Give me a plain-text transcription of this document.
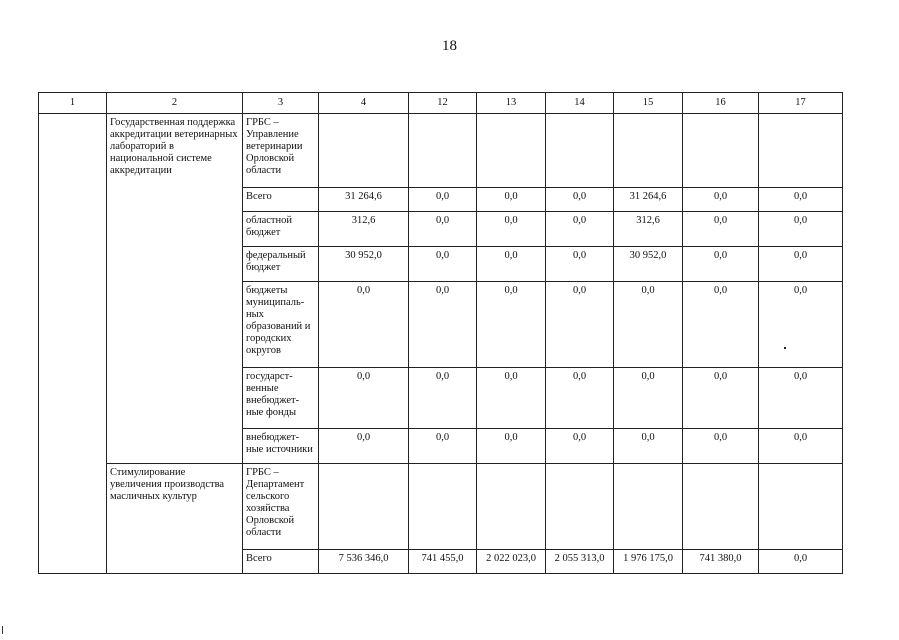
18
1	2	3	4	12	13	14	15	16	17
	Государственная поддержка аккредитации ветеринарных лабораторий в национальной системе аккредитации	ГРБС – Управление ветеринарии Орловской области							
		Всего	31 264,6	0,0	0,0	0,0	31 264,6	0,0	0,0
		областной бюджет	312,6	0,0	0,0	0,0	312,6	0,0	0,0
		федеральный бюджет	30 952,0	0,0	0,0	0,0	30 952,0	0,0	0,0
		бюджеты муниципаль-ных образований и городских округов	0,0	0,0	0,0	0,0	0,0	0,0	0,0
		государст-венные внебюджет-ные фонды	0,0	0,0	0,0	0,0	0,0	0,0	0,0
		внебюджет-ные источники	0,0	0,0	0,0	0,0	0,0	0,0	0,0
	Стимулирование увеличения производства масличных культур	ГРБС – Департамент сельского хозяйства Орловской области							
		Всего	7 536 346,0	741 455,0	2 022 023,0	2 055 313,0	1 976 175,0	741 380,0	0,0
